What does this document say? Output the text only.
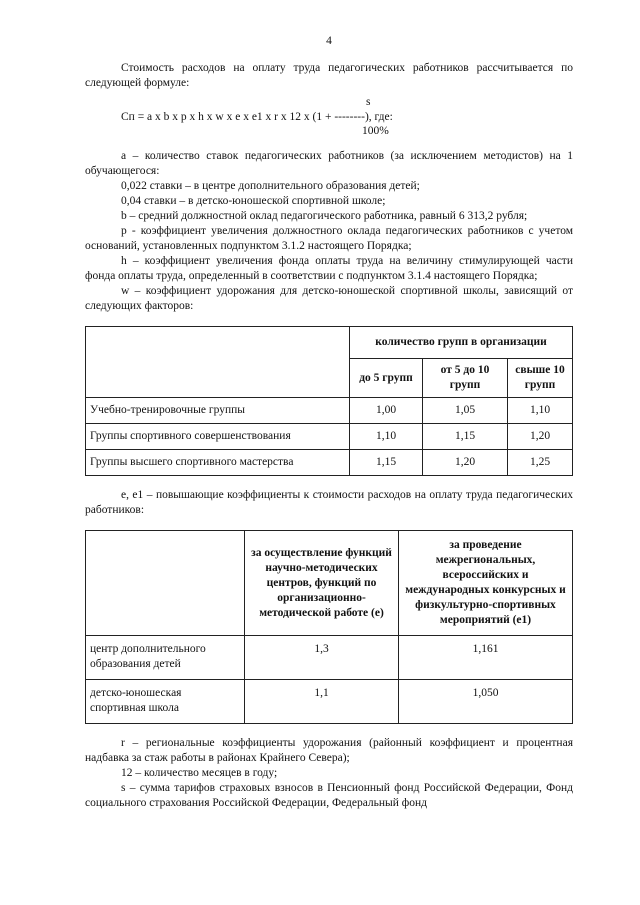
4

Стоимость расходов на оплату труда педагогических работников рассчитывается по следующей формуле:

s
Сп = a x b x p x h x w x e x e1 x r x 12 x (1 + --------), где:
100%

а – количество ставок педагогических работников (за исключением методистов) на 1 обучающегося:

0,022 ставки – в центре дополнительного образования детей;

0,04 ставки – в детско-юношеской спортивной школе;

b – средний должностной оклад педагогического работника, равный 6 313,2 рубля;

p - коэффициент увеличения должностного оклада педагогических работников с учетом оснований, установленных подпунктом 3.1.2 настоящего Порядка;

h – коэффициент увеличения фонда оплаты труда на величину стимулирующей части фонда оплаты труда, определенный в соответствии с подпунктом 3.1.4 настоящего Порядка;

w – коэффициент удорожания для детско-юношеской спортивной школы, зависящий от следующих факторов:

	количество групп в организации		
	до 5 групп	от 5 до 10 групп	свыше 10 групп
Учебно-тренировочные группы	1,00	1,05	1,10
Группы спортивного совершенствования	1,10	1,15	1,20
Группы высшего спортивного мастерства	1,15	1,20	1,25

е, е1 – повышающие коэффициенты к стоимости расходов на оплату труда педагогических работников:

	за осуществление функций научно-методических центров, функций по организационно-методической работе (е)	за проведение межрегиональных, всероссийских и международных конкурсных и физкультурно-спортивных мероприятий (е1)
центр дополнительного образования детей	1,3	1,161
детско-юношеская спортивная школа	1,1	1,050

r – региональные коэффициенты удорожания (районный коэффициент и процентная надбавка за стаж работы в районах Крайнего Севера);

12 – количество месяцев в году;

s – сумма тарифов страховых взносов в Пенсионный фонд Российской Федерации, Фонд социального страхования Российской Федерации, Федеральный фонд
